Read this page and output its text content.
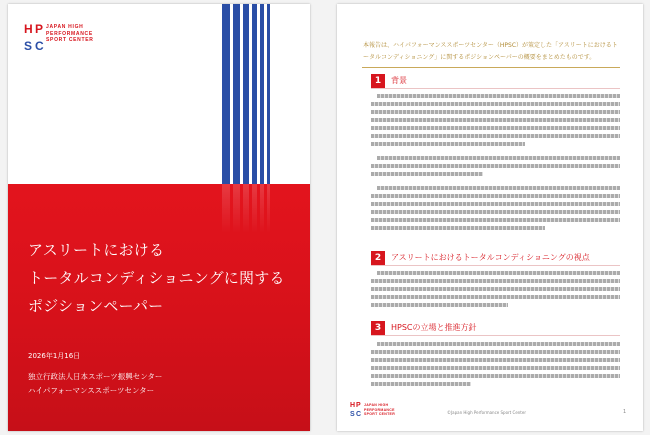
H P
S C
JAPAN HIGH
PERFORMANCE
SPORT CENTER
アスリートにおける
トータルコンディショニングに関する
ポジションペーパー
2026年1月16日
独立行政法人日本スポーツ振興センター
ハイパフォーマンススポーツセンター
本報告は、ハイパフォーマンススポーツセンター（HPSC）が策定した「アスリートにおけるト
ータルコンディショニング」に関するポジションペーパーの概要をまとめたものです。
1	背景
2	アスリートにおけるトータルコンディショニングの視点
3	HPSCの立場と推進方針
H P
S C
JAPAN HIGH
PERFORMANCE
SPORT CENTER	©Japan High Performance Sport Center	1
